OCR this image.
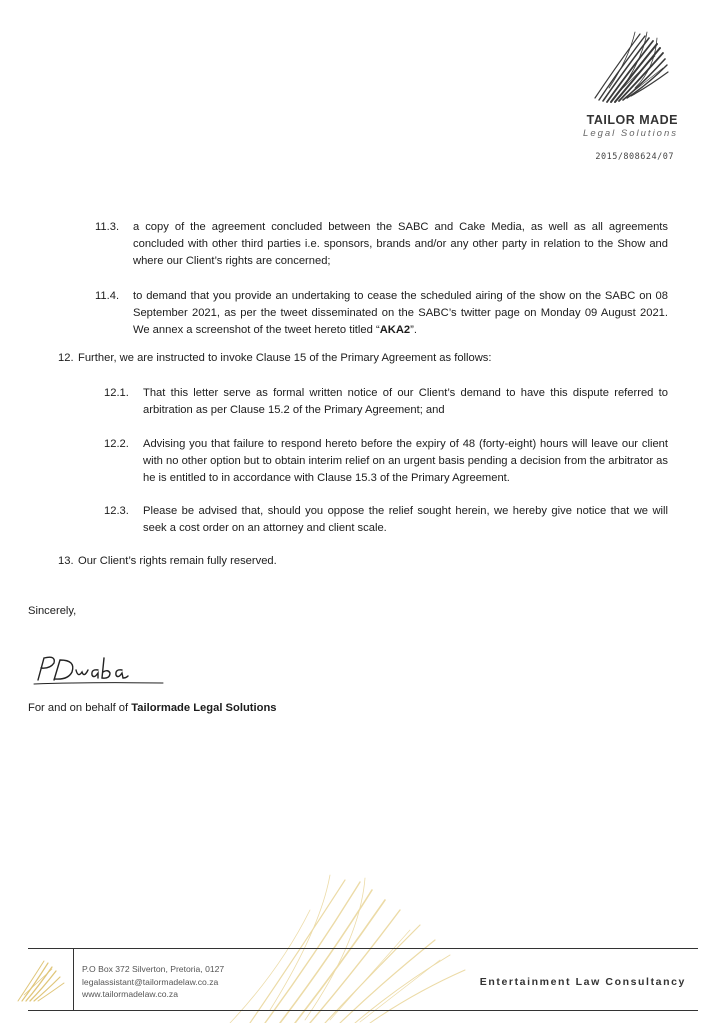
TAILOR MADE
Legal Solutions
2015/808624/07
11.3. a copy of the agreement concluded between the SABC and Cake Media, as well as all agreements concluded with other third parties i.e. sponsors, brands and/or any other party in relation to the Show and where our Client’s rights are concerned;
11.4. to demand that you provide an undertaking to cease the scheduled airing of the show on the SABC on 08 September 2021, as per the tweet disseminated on the SABC’s twitter page on Monday 09 August 2021. We annex a screenshot of the tweet hereto titled “AKA2”.
12. Further, we are instructed to invoke Clause 15 of the Primary Agreement as follows:
12.1. That this letter serve as formal written notice of our Client’s demand to have this dispute referred to arbitration as per Clause 15.2 of the Primary Agreement; and
12.2. Advising you that failure to respond hereto before the expiry of 48 (forty-eight) hours will leave our client with no other option but to obtain interim relief on an urgent basis pending a decision from the arbitrator as he is entitled to in accordance with Clause 15.3 of the Primary Agreement.
12.3. Please be advised that, should you oppose the relief sought herein, we hereby give notice that we will seek a cost order on an attorney and client scale.
13. Our Client’s rights remain fully reserved.
Sincerely,
For and on behalf of Tailormade Legal Solutions
P.O Box 372 Silverton, Pretoria, 0127
legalassistant@tailormadelaw.co.za
www.tailormadelaw.co.za
Entertainment Law Consultancy
